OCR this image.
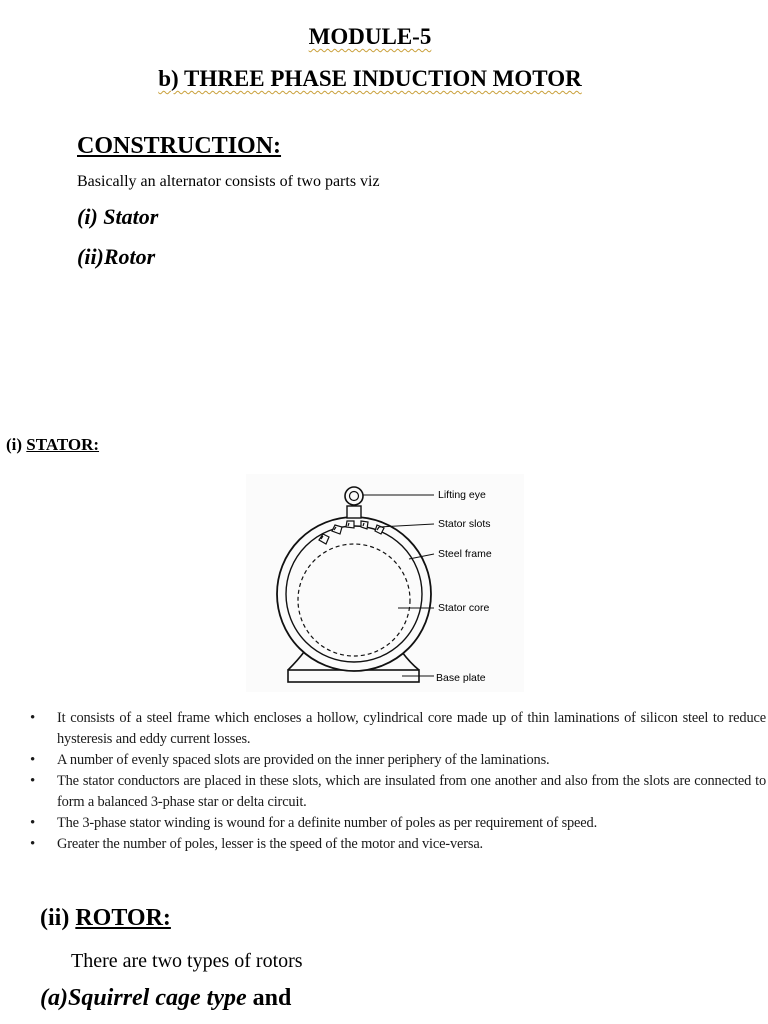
MODULE-5
b) THREE PHASE INDUCTION MOTOR
CONSTRUCTION:
Basically an alternator consists of two parts viz
(i) Stator
(ii)Rotor
(i) STATOR:
Lifting eye
Stator slots
Steel frame
Stator core
Base plate
• It consists of a steel frame which encloses a hollow, cylindrical core made up of thin laminations of silicon steel to reduce hysteresis and eddy current losses.
• A number of evenly spaced slots are provided on the inner periphery of the laminations.
• The stator conductors are placed in these slots, which are insulated from one another and also from the slots are connected to form a balanced 3-phase star or delta circuit.
• The 3-phase stator winding is wound for a definite number of poles as per requirement of speed.
• Greater the number of poles, lesser is the speed of the motor and vice-versa.
(ii) ROTOR:
There are two types of rotors
(a)Squirrel cage type and
